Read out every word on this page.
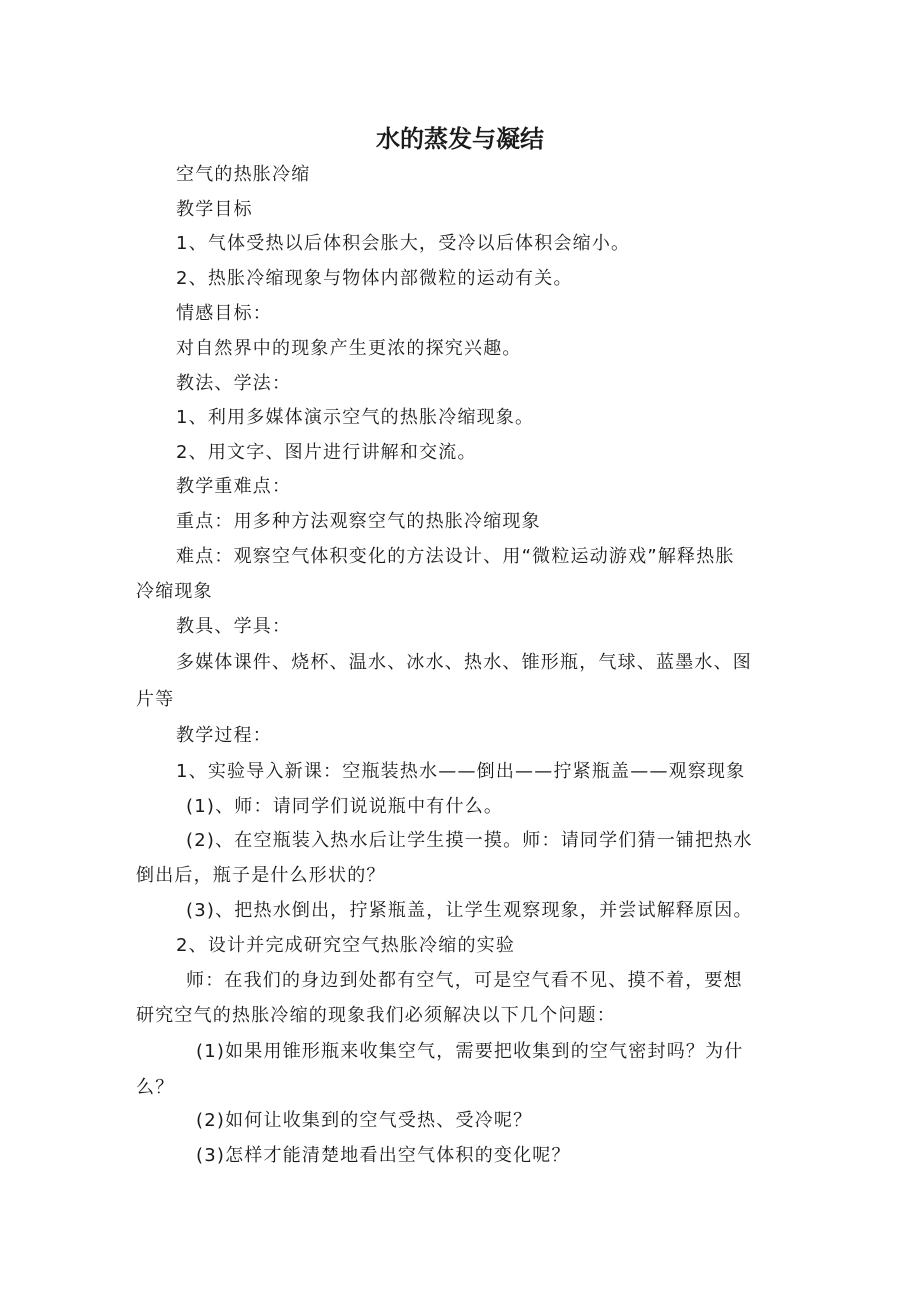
水的蒸发与凝结
空气的热胀冷缩
教学目标
1、气体受热以后体积会胀大，受冷以后体积会缩小。
2、热胀冷缩现象与物体内部微粒的运动有关。
情感目标：
对自然界中的现象产生更浓的探究兴趣。
教法、学法：
1、利用多媒体演示空气的热胀冷缩现象。
2、用文字、图片进行讲解和交流。
教学重难点：
重点：用多种方法观察空气的热胀冷缩现象
难点：观察空气体积变化的方法设计、用“微粒运动游戏”解释热胀
冷缩现象
教具、学具：
多媒体课件、烧杯、温水、冰水、热水、锥形瓶，气球、蓝墨水、图
片等
教学过程：
1、实验导入新课：空瓶装热水——倒出——拧紧瓶盖——观察现象
(1)、师：请同学们说说瓶中有什么。
(2)、在空瓶装入热水后让学生摸一摸。师：请同学们猜一铺把热水
倒出后，瓶子是什么形状的？
(3)、把热水倒出，拧紧瓶盖，让学生观察现象，并尝试解释原因。
2、设计并完成研究空气热胀冷缩的实验
师：在我们的身边到处都有空气，可是空气看不见、摸不着，要想
研究空气的热胀冷缩的现象我们必须解决以下几个问题：
(1)如果用锥形瓶来收集空气，需要把收集到的空气密封吗？为什
么？
(2)如何让收集到的空气受热、受冷呢？
(3)怎样才能清楚地看出空气体积的变化呢？
